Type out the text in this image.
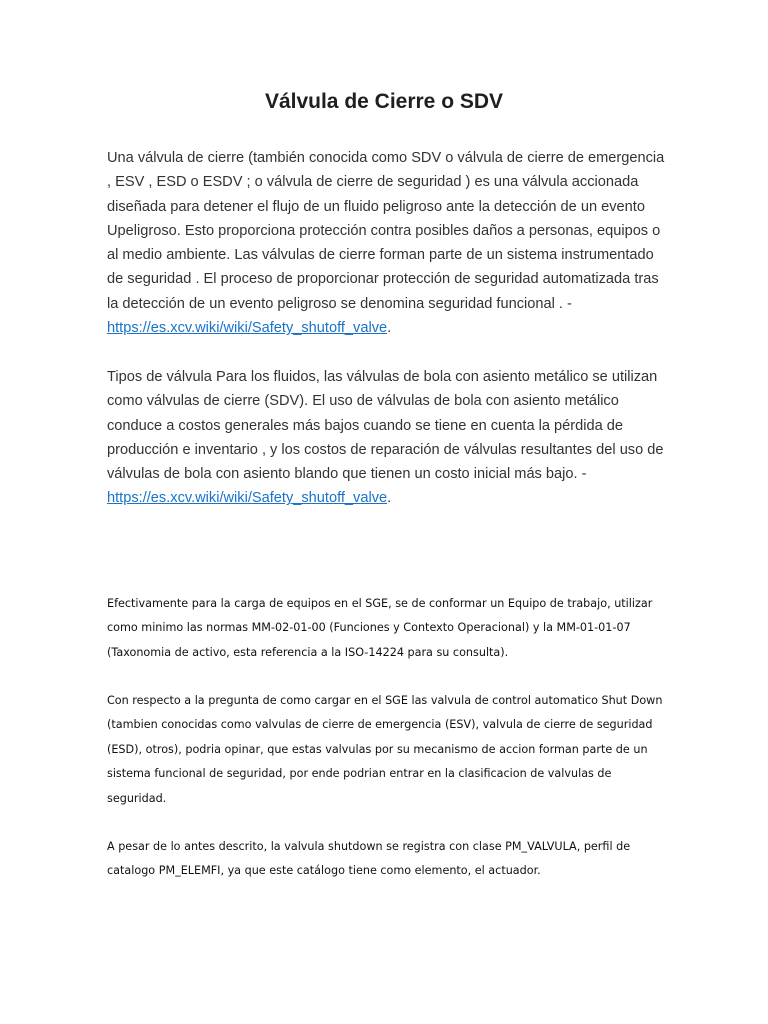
Válvula de Cierre o SDV

Una válvula de cierre (también conocida como SDV o válvula de cierre de emergencia , ESV , ESD o ESDV ; o válvula de cierre de seguridad ) es una válvula accionada diseñada para detener el flujo de un fluido peligroso ante la detección de un evento Upeligroso. Esto proporciona protección contra posibles daños a personas, equipos o al medio ambiente. Las válvulas de cierre forman parte de un sistema instrumentado de seguridad . El proceso de proporcionar protección de seguridad automatizada tras la detección de un evento peligroso se denomina seguridad funcional . - https://es.xcv.wiki/wiki/Safety_shutoff_valve.

Tipos de válvula Para los fluidos, las válvulas de bola con asiento metálico se utilizan como válvulas de cierre (SDV). El uso de válvulas de bola con asiento metálico conduce a costos generales más bajos cuando se tiene en cuenta la pérdida de producción e inventario , y los costos de reparación de válvulas resultantes del uso de válvulas de bola con asiento blando que tienen un costo inicial más bajo. - https://es.xcv.wiki/wiki/Safety_shutoff_valve.

Efectivamente para la carga de equipos en el SGE, se de conformar un Equipo de trabajo, utilizar como minimo las normas MM-02-01-00 (Funciones y Contexto Operacional) y la MM-01-01-07 (Taxonomia de activo, esta referencia a la ISO-14224 para su consulta).

Con respecto a la pregunta de como cargar en el SGE las valvula de control automatico Shut Down (tambien conocidas como valvulas de cierre de emergencia (ESV), valvula de cierre de seguridad (ESD), otros), podria opinar, que estas valvulas por su mecanismo de accion forman parte de un sistema funcional de seguridad, por ende podrian entrar en la clasificacion de valvulas de seguridad.

A pesar de lo antes descrito, la valvula shutdown se registra con clase PM_VALVULA, perfil de catalogo PM_ELEMFI, ya que este catálogo tiene como elemento, el actuador.
